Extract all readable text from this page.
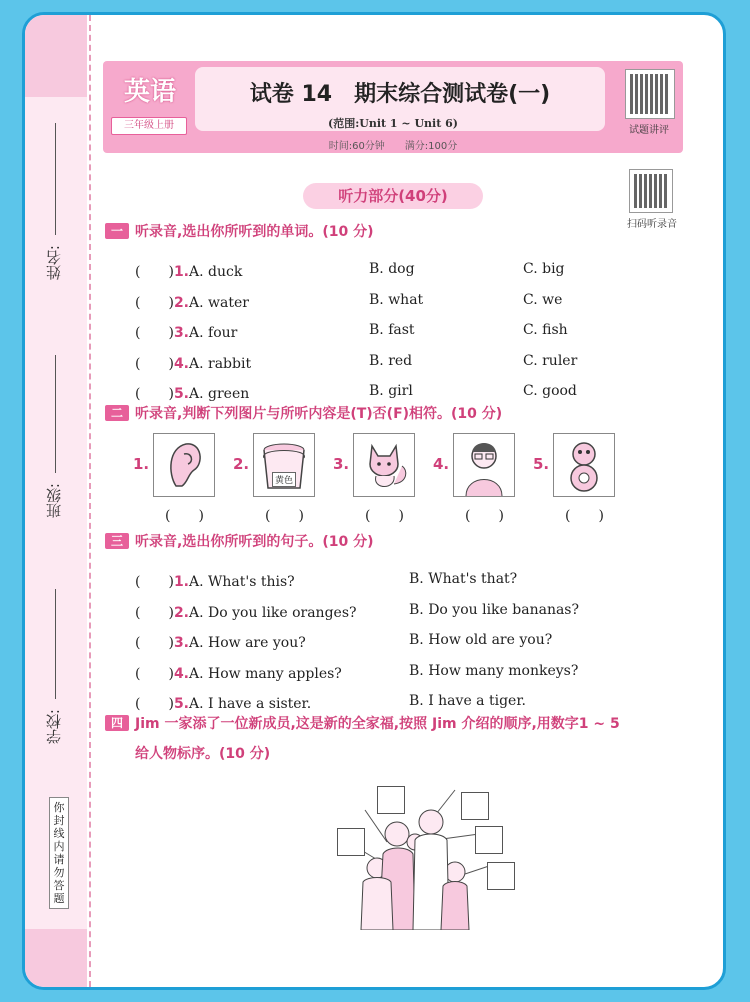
姓名:
班级:
学校:
你封线内请勿答题
英语
三年级上册
试卷 14　期末综合测试卷(一)
(范围:Unit 1 ~ Unit 6)
时间:60分钟　　满分:100分
试题讲评
扫码听录音
听力部分(40分)
一 听录音,选出你所听到的单词。(10 分)
(　　)1.A. duck	B. dog	C. big
(　　)2.A. water	B. what	C. we
(　　)3.A. four	B. fast	C. fish
(　　)4.A. rabbit	B. red	C. ruler
(　　)5.A. green	B. girl	C. good
二 听录音,判断下列图片与所听内容是(T)否(F)相符。(10 分)
1.	2.
黄色
3.	4.	5.
(　　)	(　　)	(　　)	(　　)	(　　)
三 听录音,选出你所听到的句子。(10 分)
(　　)1.A. What's this?	B. What's that?
(　　)2.A. Do you like oranges?	B. Do you like bananas?
(　　)3.A. How are you?	B. How old are you?
(　　)4.A. How many apples?	B. How many monkeys?
(　　)5.A. I have a sister.	B. I have a tiger.
四 Jim 一家添了一位新成员,这是新的全家福,按照 Jim 介绍的顺序,用数字1 ~ 5
给人物标序。(10 分)
